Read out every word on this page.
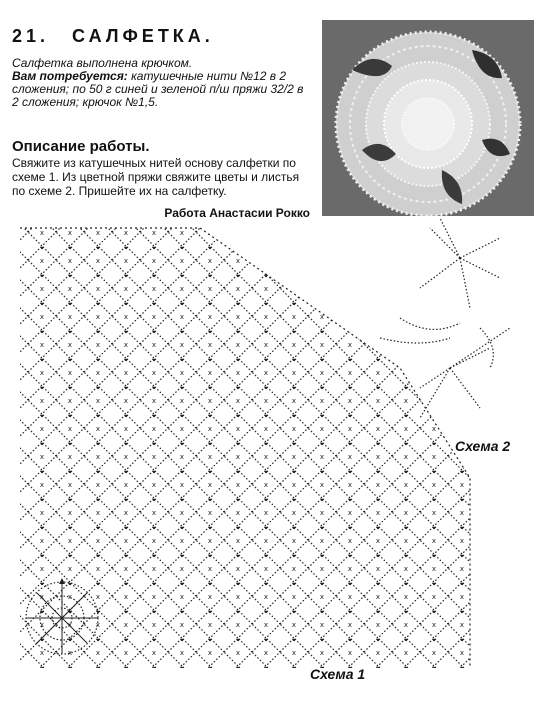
21. САЛФЕТКА.
Салфетка выполнена крючком.
Вам потребуется: катушечные нити №12 в 2 сложения; по 50 г синей и зеленой п/ш пряжи 32/2 в 2 сложения; крючок №1,5.
Описание работы.
Свяжите из катушечных нитей основу салфетки по схеме 1. Из цветной пряжи свяжите цветы и листья по схеме 2. Пришейте их на салфетку.
Работа Анастасии Рокко
Схема 2
Схема 1
